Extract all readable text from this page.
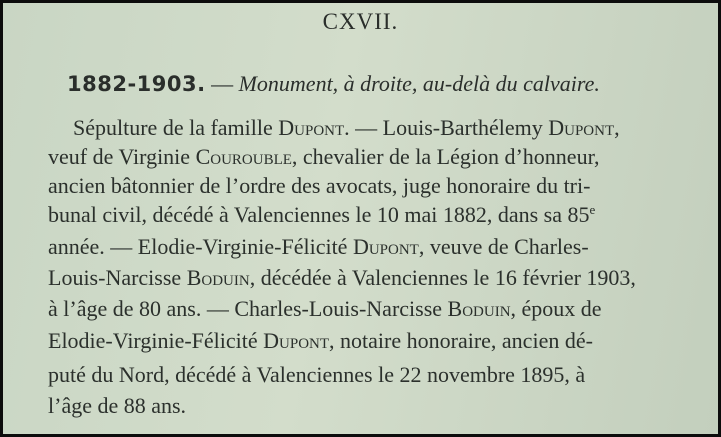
CXVII.
1882-1903. — Monument, à droite, au-delà du calvaire.
Sépulture de la famille Dupont. — Louis-Barthélemy Dupont,
veuf de Virginie Courouble, chevalier de la Légion d’honneur,
ancien bâtonnier de l’ordre des avocats, juge honoraire du tri-
bunal civil, décédé à Valenciennes le 10 mai 1882, dans sa 85e
année. — Elodie-Virginie-Félicité Dupont, veuve de Charles-
Louis-Narcisse Boduin, décédée à Valenciennes le 16 février 1903,
à l’âge de 80 ans. — Charles-Louis-Narcisse Boduin, époux de
Elodie-Virginie-Félicité Dupont, notaire honoraire, ancien dé-
puté du Nord, décédé à Valenciennes le 22 novembre 1895, à
l’âge de 88 ans.
